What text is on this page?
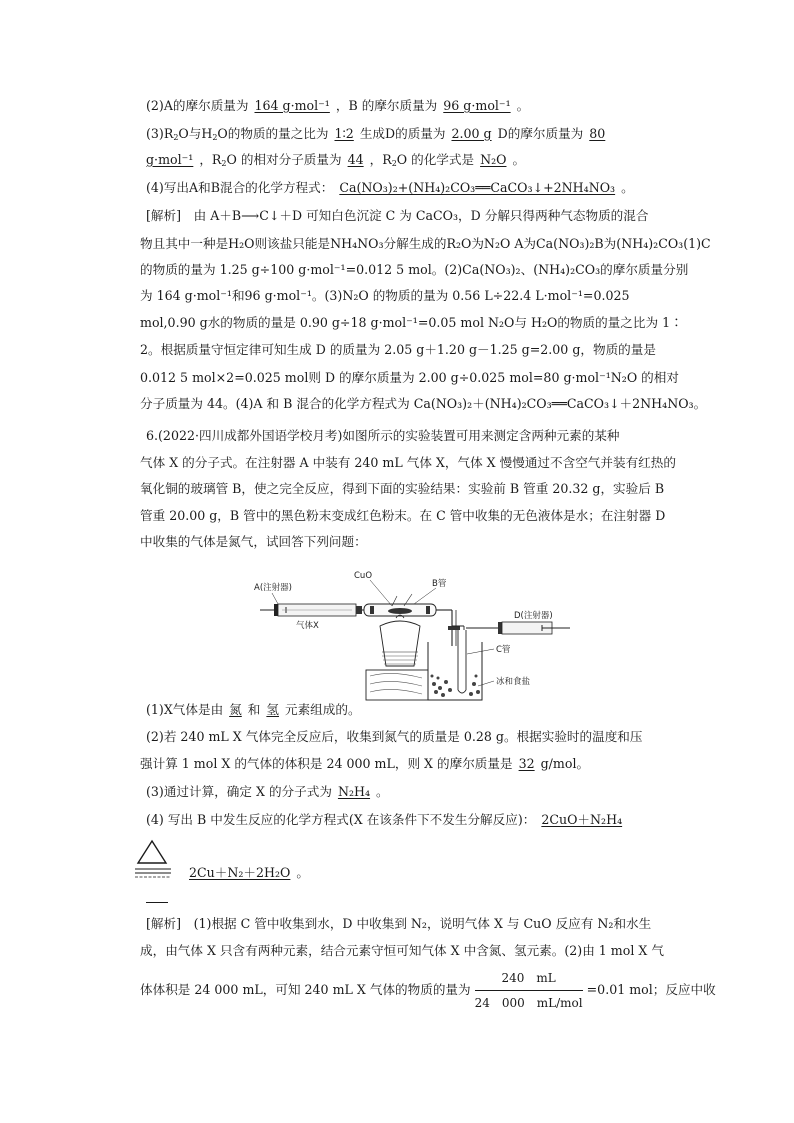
(2)A的摩尔质量为 164 g·mol⁻¹ ，B 的摩尔质量为 96 g·mol⁻¹ 。
$(3)R_2O$与$H_2O$的物质的量之比为 1∶2 生成D的质量为 2.00 g D的摩尔质量为 80
g·mol⁻¹ ，$R_2O$ 的相对分子质量为 44 ，$R_2O$ 的化学式是 N₂O 。
(4)写出A和B混合的化学方程式： Ca(NO₃)₂+(NH₄)₂CO₃══CaCO₃↓+2NH₄NO₃ 。
[解析]　由 A＋B⟶C↓＋D 可知白色沉淀 C 为 CaCO₃，D 分解只得两种气态物质的混合
物且其中一种是H₂O则该盐只能是NH₄NO₃分解生成的R₂O为N₂O A为Ca(NO₃)₂B为(NH₄)₂CO₃(1)C
的物质的量为 1.25 g÷100 g·mol⁻¹=0.012 5 mol。(2)Ca(NO₃)₂、(NH₄)₂CO₃的摩尔质量分别
为 164 g·mol⁻¹和96 g·mol⁻¹。(3)N₂O 的物质的量为 0.56 L÷22.4 L·mol⁻¹=0.025
mol,0.90 g水的物质的量是 0.90 g÷18 g·mol⁻¹=0.05 mol N₂O与 H₂O的物质的量之比为 1∶
2。根据质量守恒定律可知生成 D 的质量为 2.05 g＋1.20 g－1.25 g=2.00 g，物质的量是
0.012 5 mol×2=0.025 mol则 D 的摩尔质量为 2.00 g÷0.025 mol=80 g·mol⁻¹N₂O 的相对
分子质量为 44。(4)A 和 B 混合的化学方程式为 Ca(NO₃)₂＋(NH₄)₂CO₃══CaCO₃↓＋2NH₄NO₃。
6.(2022·四川成都外国语学校月考)如图所示的实验装置可用来测定含两种元素的某种
气体 X 的分子式。在注射器 A 中装有 240 mL 气体 X，气体 X 慢慢通过不含空气并装有红热的
氧化铜的玻璃管 B，使之完全反应，得到下面的实验结果：实验前 B 管重 20.32 g，实验后 B
管重 20.00 g，B 管中的黑色粉末变成红色粉末。在 C 管中收集的无色液体是水；在注射器 D
中收集的气体是氮气，试回答下列问题：
A(注射器)
气体X
CuO
B管
D(注射器)
C管
冰和食盐
(1)X气体是由 氮 和 氢 元素组成的。
(2)若 240 mL X 气体完全反应后，收集到氮气的质量是 0.28 g。根据实验时的温度和压
强计算 1 mol X 的气体的体积是 24 000 mL，则 X 的摩尔质量是 32 g/mol。
(3)通过计算，确定 X 的分子式为 N₂H₄ 。
(4) 写出 B 中发生反应的化学方程式(X 在该条件下不发生分解反应)： 2CuO＋N₂H₄
2Cu＋N₂＋2H₂O 。
[解析]　(1)根据 C 管中收集到水，D 中收集到 N₂，说明气体 X 与 CuO 反应有 N₂和水生
成，由气体 X 只含有两种元素，结合元素守恒可知气体 X 中含氮、氢元素。(2)由 1 mol X 气
体体积是 24 000 mL，可知 240 mL X 气体的物质的量为 $\frac{240 mL}{\text{24　000　mL/mol}} =0.01$ mol；反应中收
